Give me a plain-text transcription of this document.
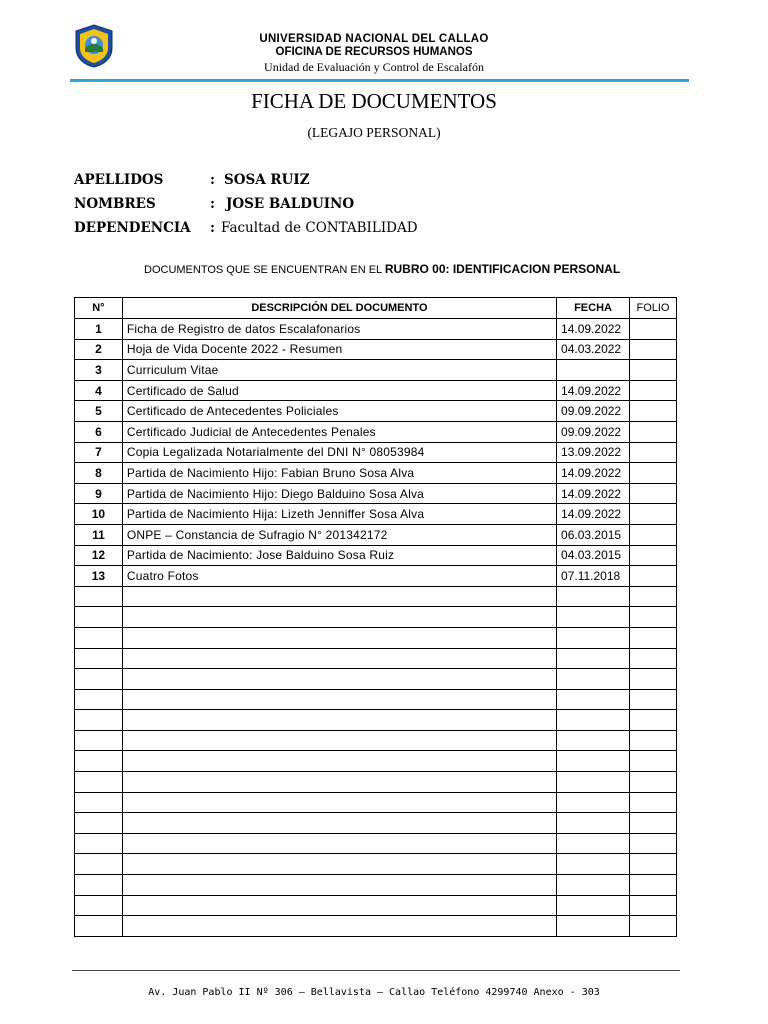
UNIVERSIDAD NACIONAL DEL CALLAO
OFICINA DE RECURSOS HUMANOS
Unidad de Evaluación y Control de Escalafón
FICHA DE DOCUMENTOS
(LEGAJO PERSONAL)
APELLIDOS	: SOSA RUIZ
NOMBRES	: JOSE BALDUINO
DEPENDENCIA : Facultad de CONTABILIDAD
DOCUMENTOS QUE SE ENCUENTRAN EN EL RUBRO 00: IDENTIFICACION PERSONAL
N°	DESCRIPCIÓN DEL DOCUMENTO	FECHA	FOLIO
1	Ficha de Registro de datos Escalafonarios	14.09.2022	
2	Hoja de Vida Docente 2022 - Resumen	04.03.2022	
3	Curriculum Vitae		
4	Certificado de Salud	14.09.2022	
5	Certificado de Antecedentes Policiales	09.09.2022	
6	Certificado Judicial de Antecedentes Penales	09.09.2022	
7	Copia Legalizada Notarialmente del DNI N° 08053984	13.09.2022	
8	Partida de Nacimiento Hijo: Fabian Bruno Sosa Alva	14.09.2022	
9	Partida de Nacimiento Hijo: Diego Balduino Sosa Alva	14.09.2022	
10	Partida de Nacimiento Hija: Lizeth Jenniffer Sosa Alva	14.09.2022	
11	ONPE – Constancia de Sufragio N° 201342172	06.03.2015	
12	Partida de Nacimiento: Jose Balduino Sosa Ruiz	04.03.2015	
13	Cuatro Fotos	07.11.2018	

Av. Juan Pablo II Nº 306 – Bellavista – Callao Teléfono 4299740 Anexo - 303
